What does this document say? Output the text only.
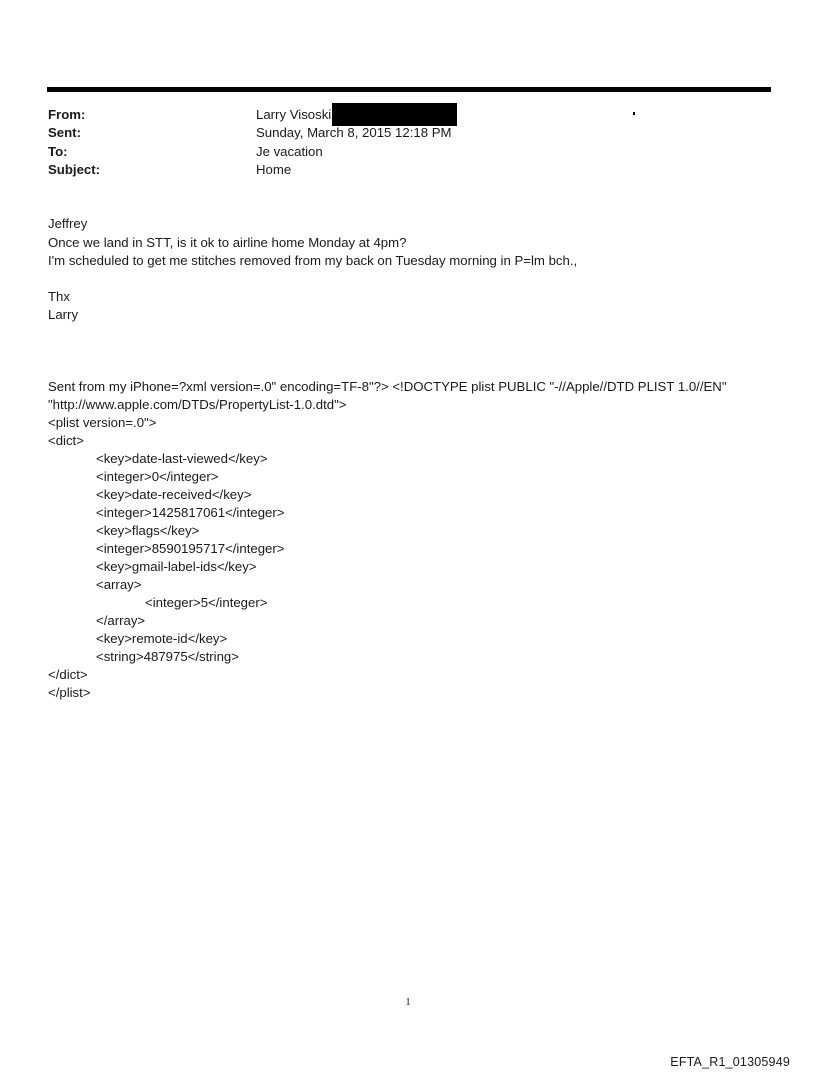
From:	Larry Visoski
Sent:	Sunday, March 8, 2015 12:18 PM
To:	Je vacation
Subject:	Home
Jeffrey
Once we land in STT, is it ok to airline home Monday at 4pm?
I'm scheduled to get me stitches removed from my back on Tuesday morning in P=lm bch.,
Thx
Larry
Sent from my iPhone=?xml version=.0" encoding=TF-8"?> <!DOCTYPE plist PUBLIC "-//Apple//DTD PLIST 1.0//EN"
"http://www.apple.com/DTDs/PropertyList-1.0.dtd">
<plist version=.0">
<dict>
<key>date-last-viewed</key>
<integer>0</integer>
<key>date-received</key>
<integer>1425817061</integer>
<key>flags</key>
<integer>8590195717</integer>
<key>gmail-label-ids</key>
<array>
<integer>5</integer>
</array>
<key>remote-id</key>
<string>487975</string>
</dict>
</plist>
1
EFTA_R1_01305949
